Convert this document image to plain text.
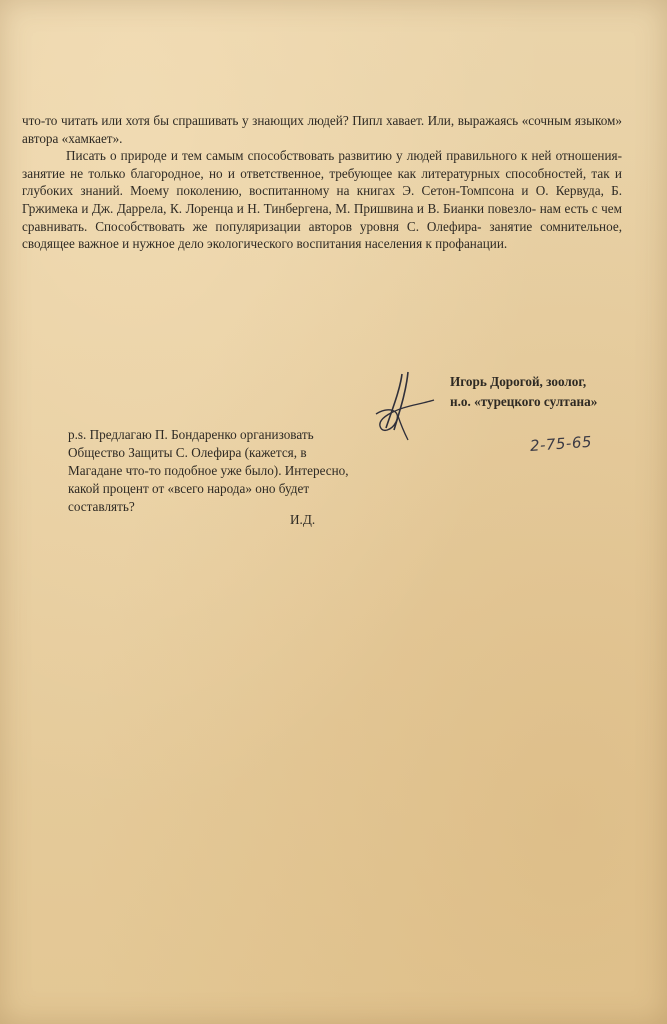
что-то читать или хотя бы спрашивать у знающих людей? Пипл хавает. Или, выражаясь «сочным языком» автора «хамкает».

Писать о природе и тем самым способствовать развитию у людей правильного к ней отношения- занятие не только благородное, но и ответственное, требующее как литературных способностей, так и глубоких знаний. Моему поколению, воспитанному на книгах Э. Сетон-Томпсона и О. Кервуда, Б. Гржимека и Дж. Даррела, К. Лоренца и Н. Тинбергена, М. Пришвина и В. Бианки повезло- нам есть с чем сравнивать. Способствовать же популяризации авторов уровня С. Олефира- занятие сомнительное, сводящее важное и нужное дело экологического воспитания населения к профанации.

Игорь Дорогой, зоолог,
н.о. «турецкого султана»
2-75-65

p.s. Предлагаю П. Бондаренко организовать Общество Защиты С. Олефира (кажется, в Магадане что-то подобное уже было). Интересно, какой процент от «всего народа» оно будет составлять?

И.Д.
